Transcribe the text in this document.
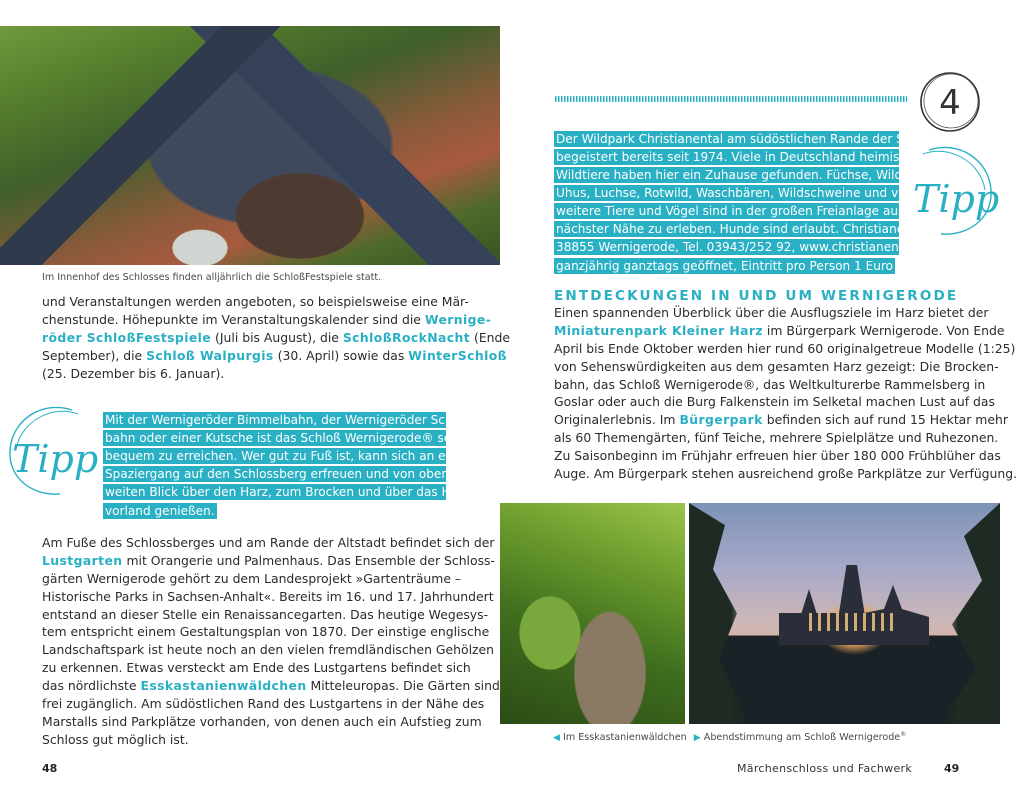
Im Innenhof des Schlosses finden alljährlich die SchloßFestspiele statt.
und Veranstaltungen werden angeboten, so beispielsweise eine Mär-
chenstunde. Höhepunkte im Veranstaltungskalender sind die Wernige-
röder SchloßFestspiele (Juli bis August), die SchloßRockNacht (Ende
September), die Schloß Walpurgis (30. April) sowie das WinterSchloß
(25. Dezember bis 6. Januar).
Tipp
Mit der Wernigeröder Bimmelbahn, der Wernigeröder Schloss-
bahn oder einer Kutsche ist das Schloß Wernigerode® sehr
bequem zu erreichen. Wer gut zu Fuß ist, kann sich an einem
Spaziergang auf den Schlossberg erfreuen und von oben den
weiten Blick über den Harz, zum Brocken und über das Harz-
vorland genießen.
Am Fuße des Schlossberges und am Rande der Altstadt befindet sich der
Lustgarten mit Orangerie und Palmenhaus. Das Ensemble der Schloss-
gärten Wernigerode gehört zu dem Landesprojekt »Gartenträume –
Historische Parks in Sachsen-Anhalt«. Bereits im 16. und 17. Jahrhundert
entstand an dieser Stelle ein Renaissancegarten. Das heutige Wegesys-
tem entspricht einem Gestaltungsplan von 1870. Der einstige englische
Landschaftspark ist heute noch an den vielen fremdländischen Gehölzen
zu erkennen. Etwas versteckt am Ende des Lustgartens befindet sich
das nördlichste Esskastanienwäldchen Mitteleuropas. Die Gärten sind
frei zugänglich. Am südöstlichen Rand des Lustgartens in der Nähe des
Marstalls sind Parkplätze vorhanden, von denen auch ein Aufstieg zum
Schloss gut möglich ist.
48
4
Der Wildpark Christianental am südöstlichen Rande der Stadt
begeistert bereits seit 1974. Viele in Deutschland heimische
Wildtiere haben hier ein Zuhause gefunden. Füchse, Wildkatzen,
Uhus, Luchse, Rotwild, Waschbären, Wildschweine und viele
weitere Tiere und Vögel sind in der großen Freianlage aus
nächster Nähe zu erleben. Hunde sind erlaubt. Christianental 11,
38855 Wernigerode, Tel. 03943/252 92, www.christianental.de,
ganzjährig ganztags geöffnet, Eintritt pro Person 1 Euro
Tipp
ENTDECKUNGEN IN UND UM WERNIGERODE
Einen spannenden Überblick über die Ausflugsziele im Harz bietet der
Miniaturenpark Kleiner Harz im Bürgerpark Wernigerode. Von Ende
April bis Ende Oktober werden hier rund 60 originalgetreue Modelle (1:25)
von Sehenswürdigkeiten aus dem gesamten Harz gezeigt: Die Brocken-
bahn, das Schloß Wernigerode®, das Weltkulturerbe Rammelsberg in
Goslar oder auch die Burg Falkenstein im Selketal machen Lust auf das
Originalerlebnis. Im Bürgerpark befinden sich auf rund 15 Hektar mehr
als 60 Themengärten, fünf Teiche, mehrere Spielplätze und Ruhezonen.
Zu Saisonbeginn im Frühjahr erfreuen hier über 180 000 Frühblüher das
Auge. Am Bürgerpark stehen ausreichend große Parkplätze zur Verfügung.
◀ Im Esskastanienwäldchen ▶ Abendstimmung am Schloß Wernigerode®
Märchenschloss und Fachwerk	49
